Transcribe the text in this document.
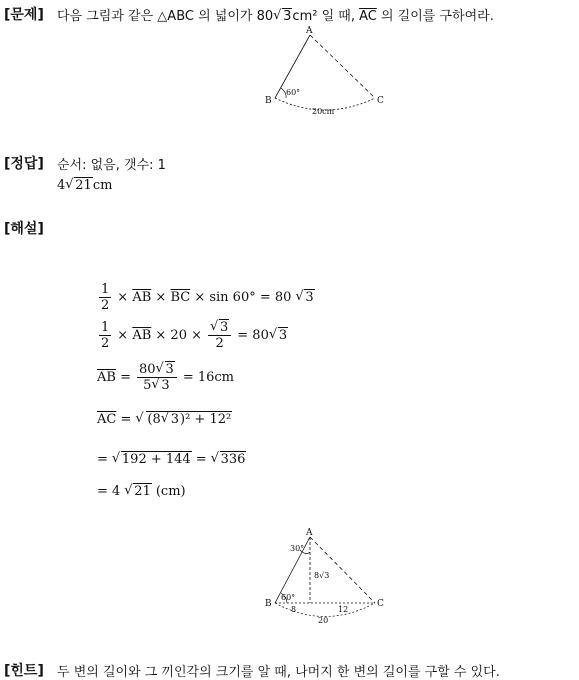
[문제] 다음 그림과 같은 △ABC 의 넓이가 80 √ 3cm² 일 때, $\overline{AC}$ 의 길이를 구하여라.
A
B	C
60°
20cm
[정답] 순서: 없음, 갯수: 1
4 √ 21cm
[해설]
$\frac{1}{2} \times \overline{AB} \times \overline{BC} \times \sin 60^\circ = 80$	√ 3
$\frac{1}{2} \times \overline{AB} \times 20$ × √ $\frac{3}{2} = 80$ √ 3
$\overline{AB} = \frac{80 √ 3}{5 √ 3} = 16cm$
$\overline{AC}$ =	√ (8 √ 3)² + 12²
=	√ 192 + 144 =	√ 336
= 4	√ 21 (cm)
A
B	C
30°
60°
8√3
8	12
20
[힌트] 두 변의 길이와 그 끼인각의 크기를 알 때, 나머지 한 변의 길이를 구할 수 있다.
